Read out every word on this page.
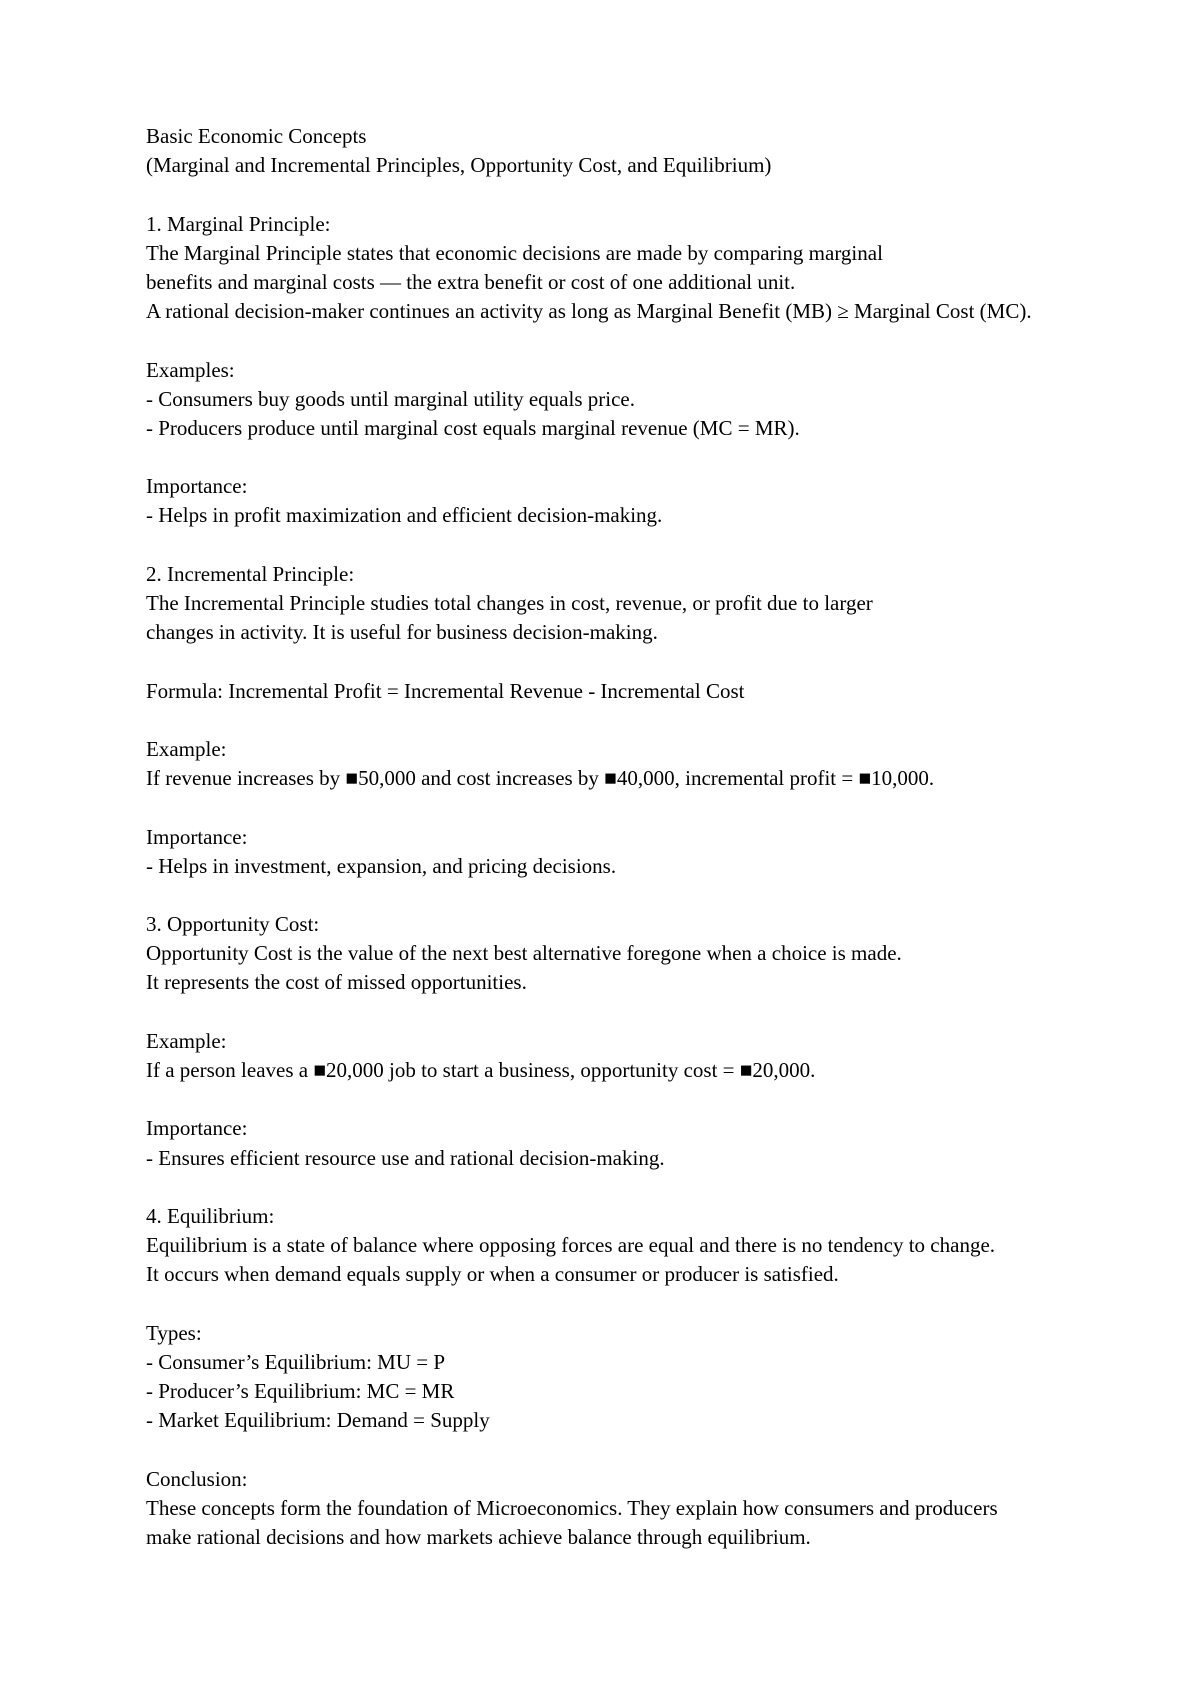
Basic Economic Concepts
(Marginal and Incremental Principles, Opportunity Cost, and Equilibrium)
1. Marginal Principle:
The Marginal Principle states that economic decisions are made by comparing marginal
benefits and marginal costs — the extra benefit or cost of one additional unit.
A rational decision-maker continues an activity as long as Marginal Benefit (MB) ≥ Marginal Cost (MC).
Examples:
- Consumers buy goods until marginal utility equals price.
- Producers produce until marginal cost equals marginal revenue (MC = MR).
Importance:
- Helps in profit maximization and efficient decision-making.
2. Incremental Principle:
The Incremental Principle studies total changes in cost, revenue, or profit due to larger
changes in activity. It is useful for business decision-making.
Formula: Incremental Profit = Incremental Revenue - Incremental Cost
Example:
If revenue increases by ■50,000 and cost increases by ■40,000, incremental profit = ■10,000.
Importance:
- Helps in investment, expansion, and pricing decisions.
3. Opportunity Cost:
Opportunity Cost is the value of the next best alternative foregone when a choice is made.
It represents the cost of missed opportunities.
Example:
If a person leaves a ■20,000 job to start a business, opportunity cost = ■20,000.
Importance:
- Ensures efficient resource use and rational decision-making.
4. Equilibrium:
Equilibrium is a state of balance where opposing forces are equal and there is no tendency to change.
It occurs when demand equals supply or when a consumer or producer is satisfied.
Types:
- Consumer’s Equilibrium: MU = P
- Producer’s Equilibrium: MC = MR
- Market Equilibrium: Demand = Supply
Conclusion:
These concepts form the foundation of Microeconomics. They explain how consumers and producers
make rational decisions and how markets achieve balance through equilibrium.
